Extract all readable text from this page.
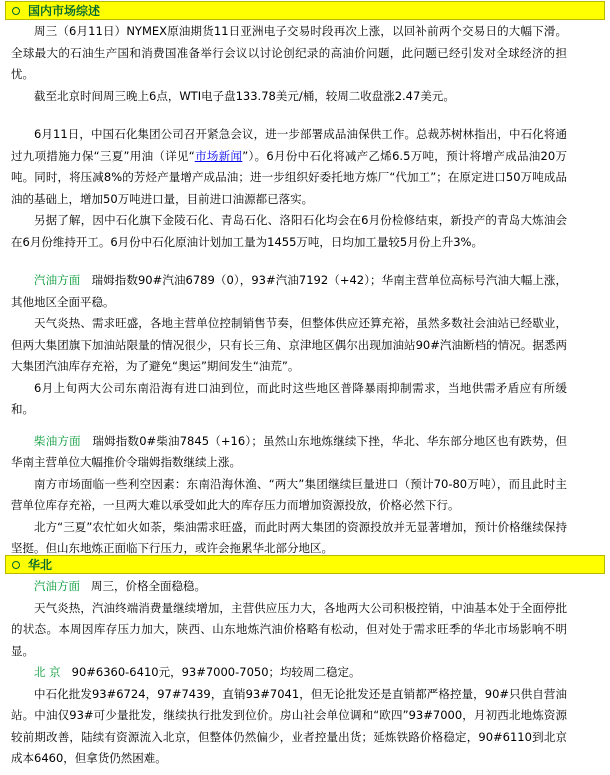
国内市场综述

周三（6月11日）NYMEX原油期货11日亚洲电子交易时段再次上涨，以回补前两个交易日的大幅下滑。全球最大的石油生产国和消费国准备举行会议以讨论创纪录的高油价问题，此问题已经引发对全球经济的担忧。

截至北京时间周三晚上6点，WTI电子盘133.78美元/桶，较周二收盘涨2.47美元。

6月11日，中国石化集团公司召开紧急会议，进一步部署成品油保供工作。总裁苏树林指出，中石化将通过九项措施力保“三夏”用油（详见“市场新闻”）。6月份中石化将减产乙烯6.5万吨，预计将增产成品油20万吨。同时，将压减8%的芳烃产量增产成品油；进一步组织好委托地方炼厂“代加工”；在原定进口50万吨成品油的基础上，增加50万吨进口量，目前进口油源都已落实。

另据了解，因中石化旗下金陵石化、青岛石化、洛阳石化均会在6月份检修结束，新投产的青岛大炼油会在6月份维持开工。6月份中石化原油计划加工量为1455万吨，日均加工量较5月份上升3%。

汽油方面 瑞姆指数90#汽油6789（0），93#汽油7192（+42）；华南主营单位高标号汽油大幅上涨，其他地区全面平稳。

天气炎热、需求旺盛，各地主营单位控制销售节奏，但整体供应还算充裕，虽然多数社会油站已经歇业，但两大集团旗下加油站限量的情况很少，只有长三角、京津地区偶尔出现加油站90#汽油断档的情况。据悉两大集团汽油库存充裕，为了避免“奥运”期间发生“油荒”。

6月上旬两大公司东南沿海有进口油到位，而此时这些地区普降暴雨抑制需求，当地供需矛盾应有所缓和。

柴油方面 瑞姆指数0#柴油7845（+16）；虽然山东地炼继续下挫，华北、华东部分地区也有跌势，但华南主营单位大幅推价令瑞姆指数继续上涨。

南方市场面临一些利空因素：东南沿海休渔、“两大”集团继续巨量进口（预计70-80万吨），而且此时主营单位库存充裕，一旦两大难以承受如此大的库存压力而增加资源投放，价格必然下行。

北方“三夏”农忙如火如荼，柴油需求旺盛，而此时两大集团的资源投放并无显著增加，预计价格继续保持坚挺。但山东地炼正面临下行压力，或许会拖累华北部分地区。

华北

汽油方面 周三，价格全面稳稳。

天气炎热，汽油终端消费量继续增加，主营供应压力大，各地两大公司积极控销，中油基本处于全面停批的状态。本周因库存压力加大，陕西、山东地炼汽油价格略有松动，但对处于需求旺季的华北市场影响不明显。

北 京 90#6360-6410元，93#7000-7050；均较周二稳定。

中石化批发93#6724，97#7439，直销93#7041，但无论批发还是直销都严格控量，90#只供自营油站。中油仅93#可少量批发，继续执行批发到位价。房山社会单位调和“欧四”93#7000，月初西北地炼资源较前期改善，陆续有资源流入北京，但整体仍然偏少，业者控量出货；延炼铁路价格稳定，90#6110到北京成本6460，但拿货仍然困难。
